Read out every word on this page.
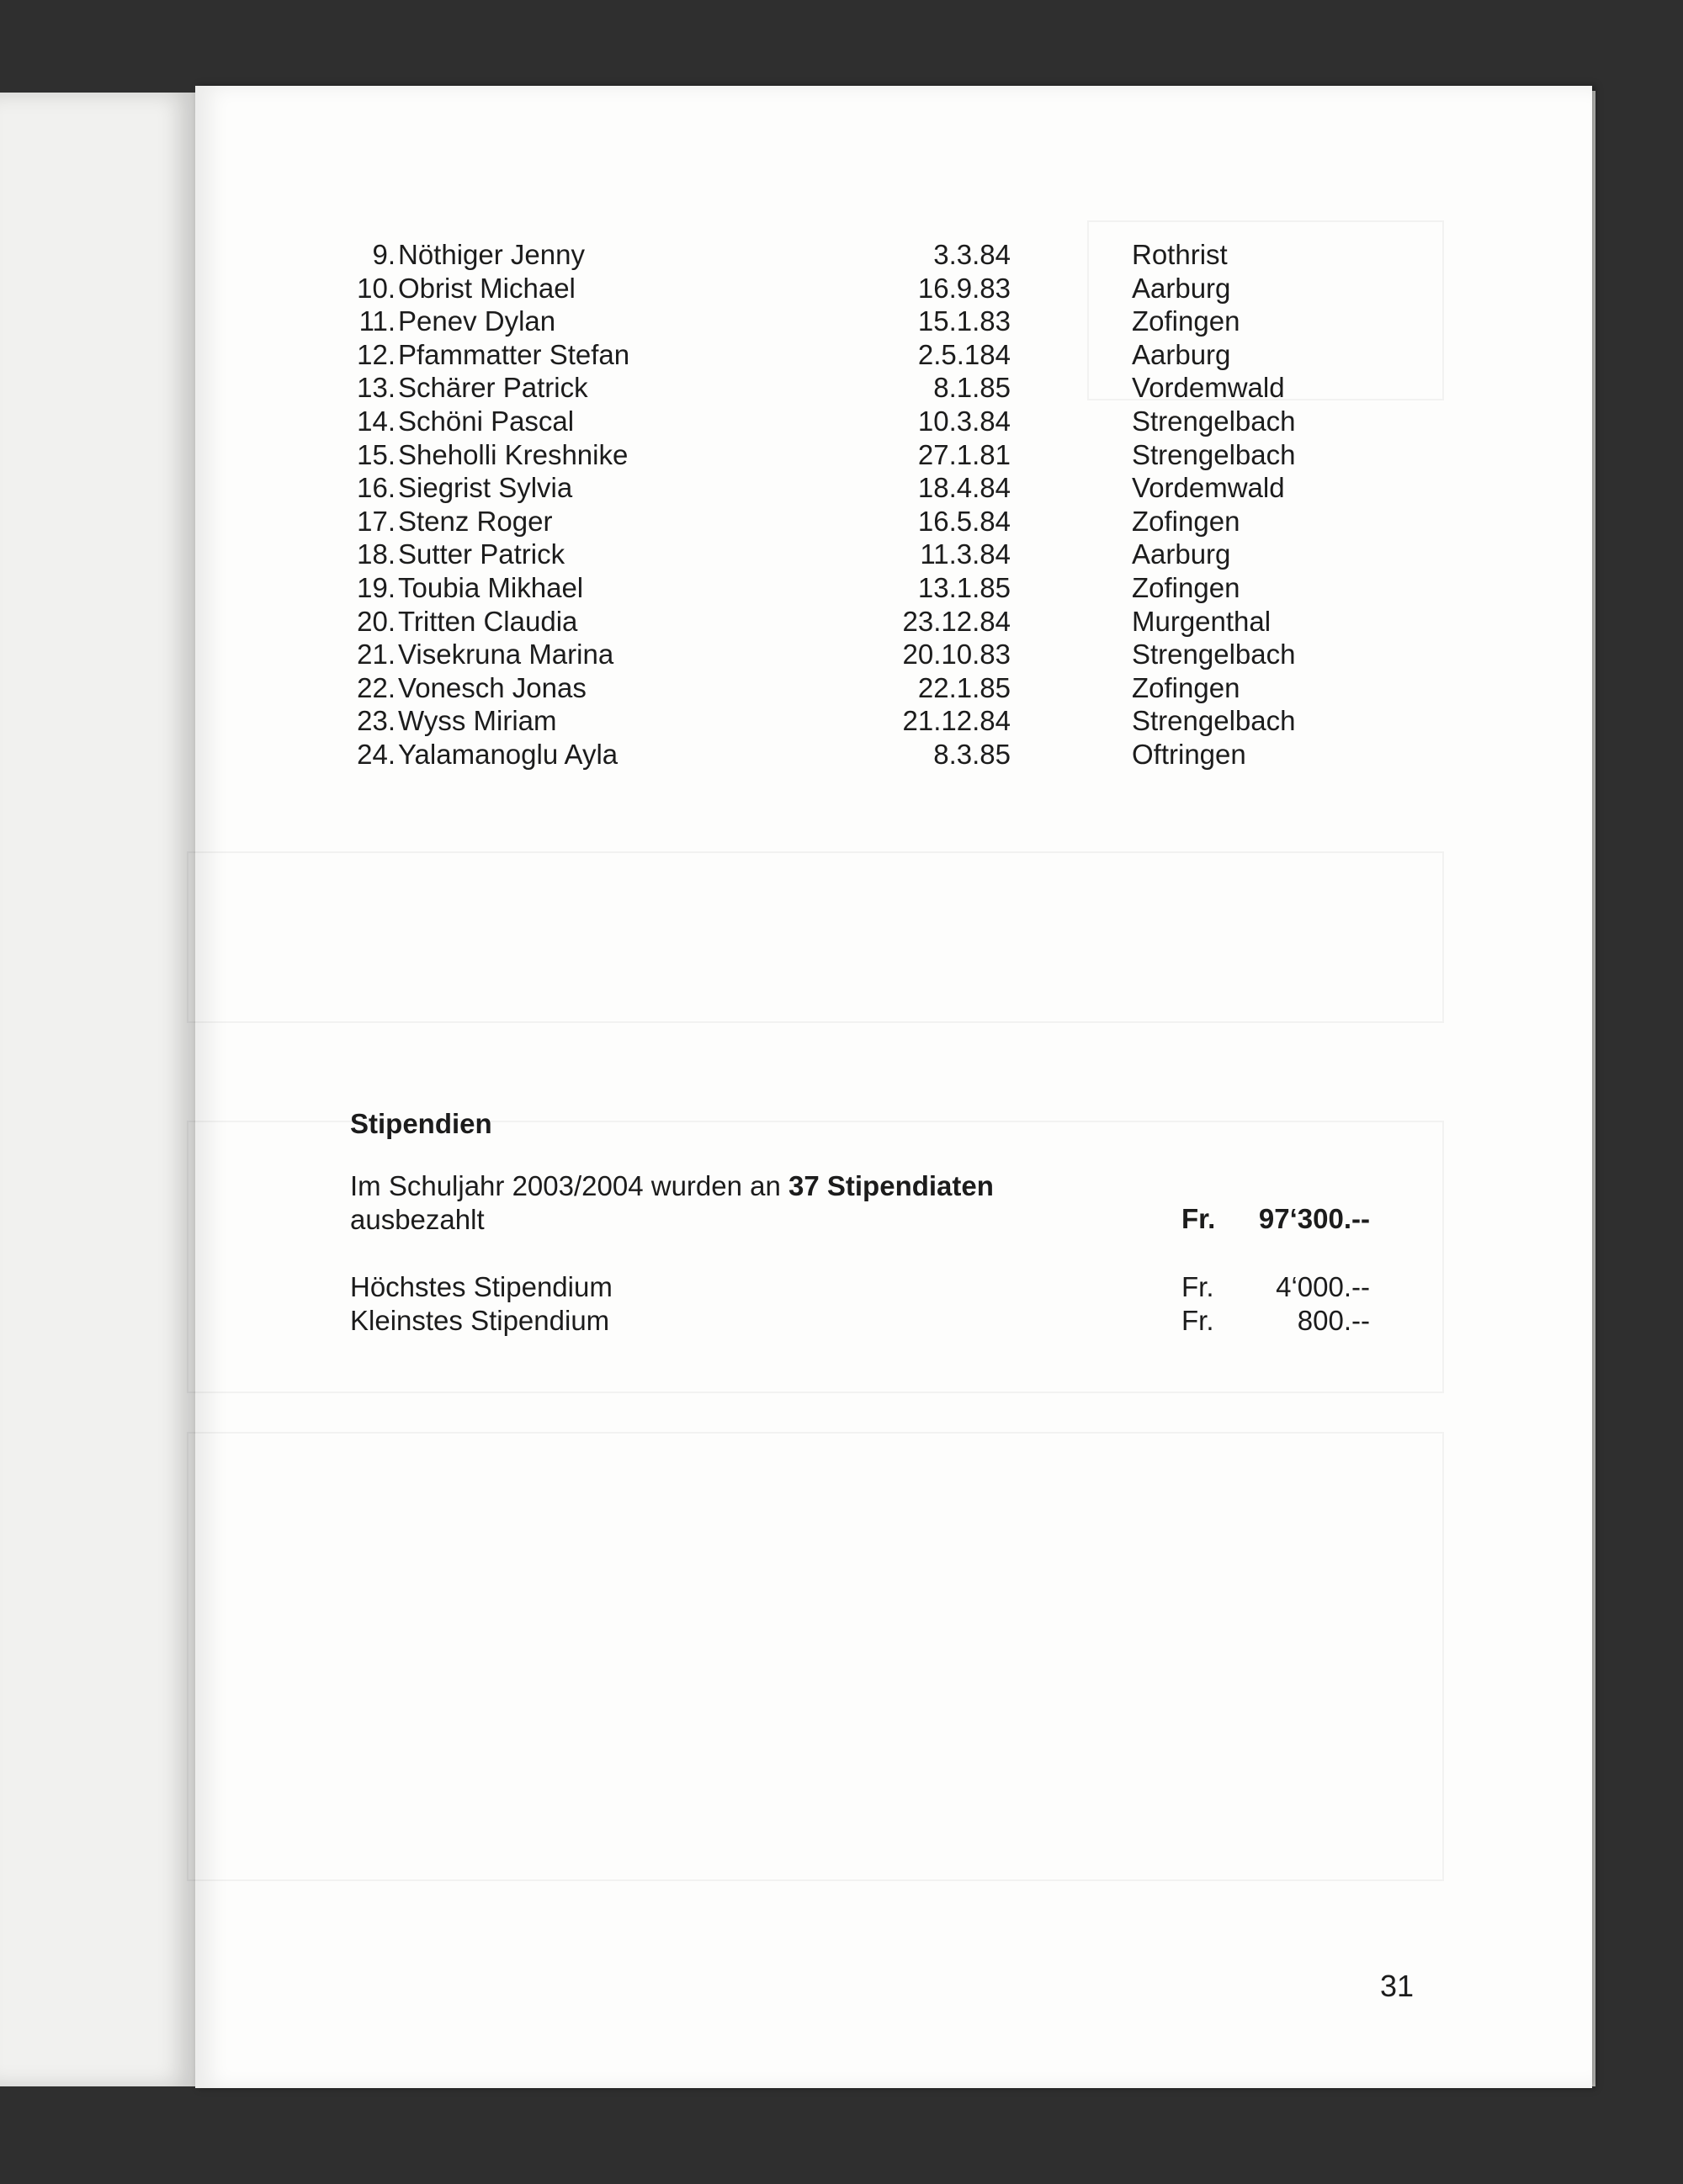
9. Nöthiger Jenny	3.3.84	Rothrist
10. Obrist Michael	16.9.83	Aarburg
11. Penev Dylan	15.1.83	Zofingen
12. Pfammatter Stefan	2.5.184	Aarburg
13. Schärer Patrick	8.1.85	Vordemwald
14. Schöni Pascal	10.3.84	Strengelbach
15. Sheholli Kreshnike	27.1.81	Strengelbach
16. Siegrist Sylvia	18.4.84	Vordemwald
17. Stenz Roger	16.5.84	Zofingen
18. Sutter Patrick	11.3.84	Aarburg
19. Toubia Mikhael	13.1.85	Zofingen
20. Tritten Claudia	23.12.84	Murgenthal
21. Visekruna Marina	20.10.83	Strengelbach
22. Vonesch Jonas	22.1.85	Zofingen
23. Wyss Miriam	21.12.84	Strengelbach
24. Yalamanoglu Ayla	8.3.85	Oftringen
Stipendien
Im Schuljahr 2003/2004 wurden an 37 Stipendiaten
ausbezahlt	Fr. 97‘300.--
Höchstes Stipendium	Fr. 4‘000.--
Kleinstes Stipendium	Fr.	800.--
31
